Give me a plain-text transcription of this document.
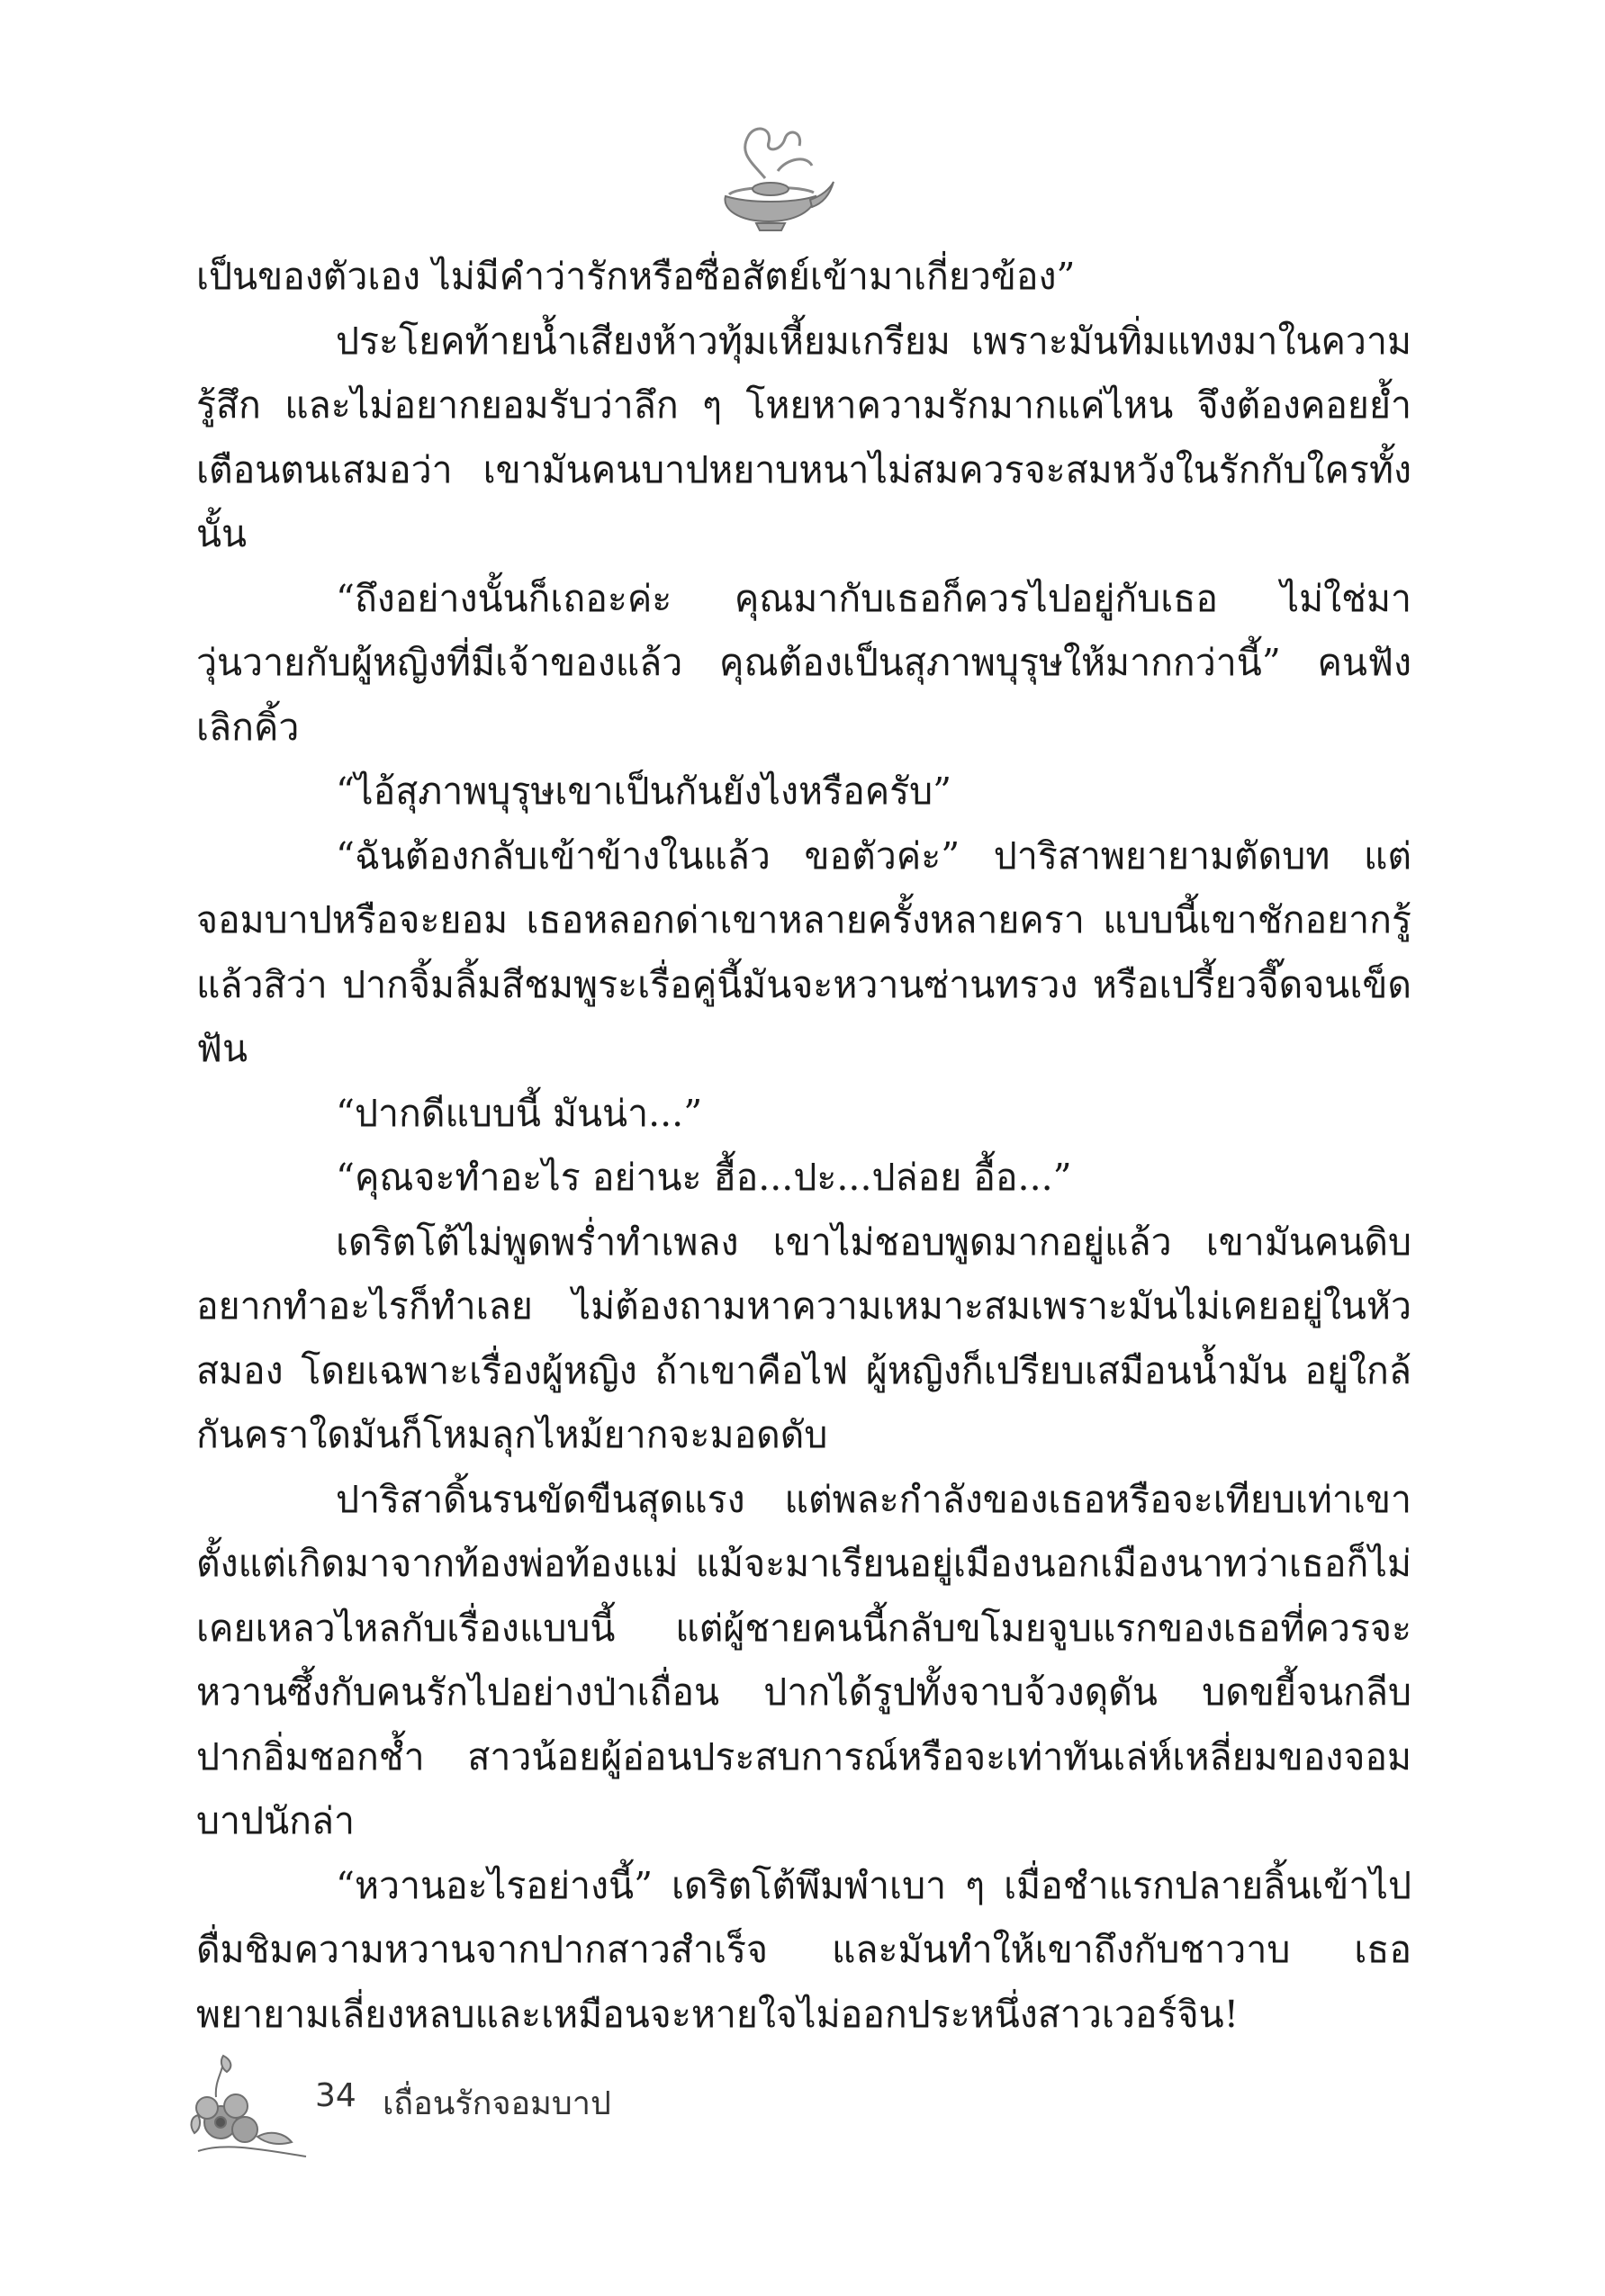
เป็นของตัวเอง ไม่มีคำว่ารักหรือซื่อสัตย์เข้ามาเกี่ยวข้อง”

ประโยคท้ายน้ำเสียงห้าวทุ้มเหี้ยมเกรียม เพราะมันทิ่มแทงมาในความรู้สึก และไม่อยากยอมรับว่าลึก ๆ โหยหาความรักมากแค่ไหน จึงต้องคอยย้ำเตือนตนเสมอว่า เขามันคนบาปหยาบหนาไม่สมควรจะสมหวังในรักกับใครทั้งนั้น

“ถึงอย่างนั้นก็เถอะค่ะ คุณมากับเธอก็ควรไปอยู่กับเธอ ไม่ใช่มาวุ่นวายกับผู้หญิงที่มีเจ้าของแล้ว คุณต้องเป็นสุภาพบุรุษให้มากกว่านี้” คนฟังเลิกคิ้ว

“ไอ้สุภาพบุรุษเขาเป็นกันยังไงหรือครับ”

“ฉันต้องกลับเข้าข้างในแล้ว ขอตัวค่ะ” ปาริสาพยายามตัดบท แต่จอมบาปหรือจะยอม เธอหลอกด่าเขาหลายครั้งหลายครา แบบนี้เขาชักอยากรู้แล้วสิว่า ปากจิ้มลิ้มสีชมพูระเรื่อคู่นี้มันจะหวานซ่านทรวง หรือเปรี้ยวจี๊ดจนเข็ดฟัน

“ปากดีแบบนี้ มันน่า...”

“คุณจะทำอะไร อย่านะ ฮื้อ...ปะ...ปล่อย อื้อ...”

เดริตโต้ไม่พูดพร่ำทำเพลง เขาไม่ชอบพูดมากอยู่แล้ว เขามันคนดิบ อยากทำอะไรก็ทำเลย ไม่ต้องถามหาความเหมาะสมเพราะมันไม่เคยอยู่ในหัวสมอง โดยเฉพาะเรื่องผู้หญิง ถ้าเขาคือไฟ ผู้หญิงก็เปรียบเสมือนน้ำมัน อยู่ใกล้กันคราใดมันก็โหมลุกไหม้ยากจะมอดดับ

ปาริสาดิ้นรนขัดขืนสุดแรง แต่พละกำลังของเธอหรือจะเทียบเท่าเขา ตั้งแต่เกิดมาจากท้องพ่อท้องแม่ แม้จะมาเรียนอยู่เมืองนอกเมืองนาทว่าเธอก็ไม่เคยเหลวไหลกับเรื่องแบบนี้ แต่ผู้ชายคนนี้กลับขโมยจูบแรกของเธอที่ควรจะหวานซึ้งกับคนรักไปอย่างป่าเถื่อน ปากได้รูปทั้งจาบจ้วงดุดัน บดขยี้จนกลีบปากอิ่มชอกช้ำ สาวน้อยผู้อ่อนประสบการณ์หรือจะเท่าทันเล่ห์เหลี่ยมของจอมบาปนักล่า

“หวานอะไรอย่างนี้” เดริตโต้พึมพำเบา ๆ เมื่อชำแรกปลายลิ้นเข้าไปดื่มชิมความหวานจากปากสาวสำเร็จ และมันทำให้เขาถึงกับชาวาบ เธอพยายามเลี่ยงหลบและเหมือนจะหายใจไม่ออกประหนึ่งสาวเวอร์จิน!

34 เถื่อนรักจอมบาป
